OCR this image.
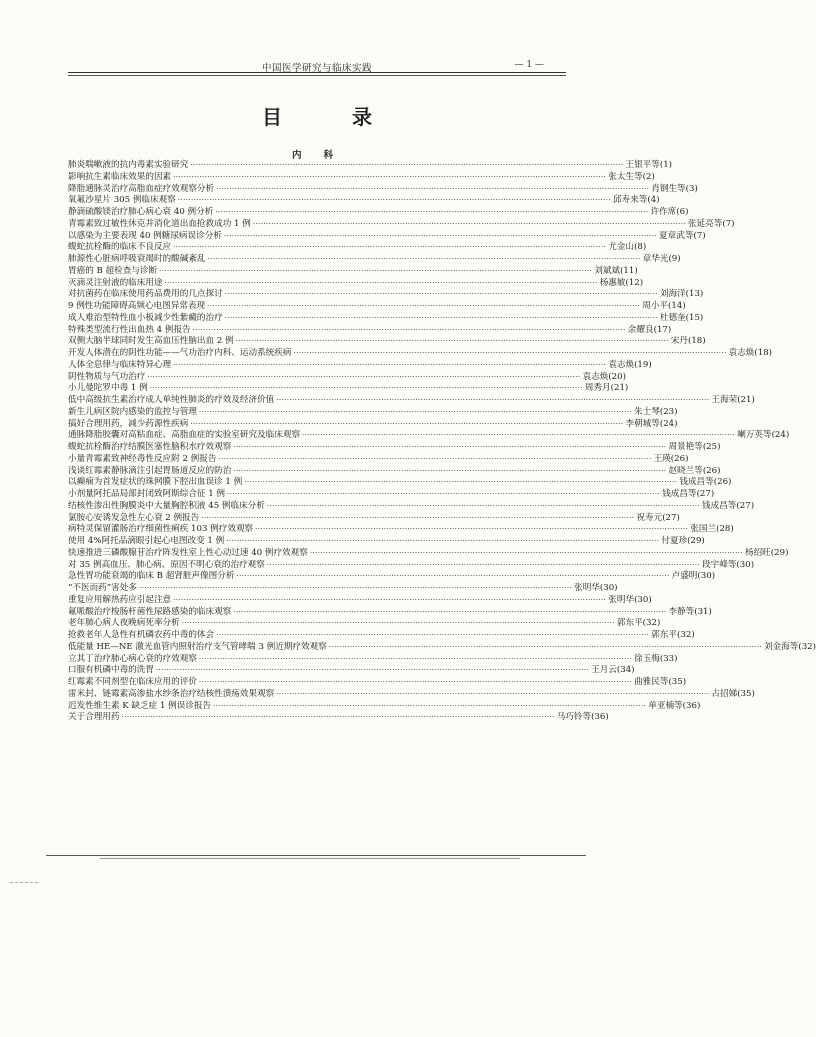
中国医学研究与临床实践	— 1 —
目	录
内科
肺炎喘嗽液的抗内毒素实验研究 ·····	王银平等 (1)
影响抗生素临床效果的因素 ·····	张太生等 (2)
降脂通脉灵治疗高脂血症疗效观察分析 ·····	肖钢生等 (3)
氧氟沙星片 305 例临床观察 ·····	邱寿来等 (4)
静滴硫酸镁治疗肺心病心衰 40 例分析 ·····	许作席 (6)
青霉素致过敏性休克并消化道出血抢救成功 1 例 ·····	张延亮等 (7)
以感染为主要表现 40 例糖尿病误诊分析 ·····	夏章武等 (7)
蝮蛇抗栓酶的临床不良反应 ·····	尤金山 (8)
肺源性心脏病呼吸衰竭时的酸碱紊乱 ·····	章华光 (9)
胃癌的 B 超检查与诊断 ·····	刘斌斌 (11)
灭滴灵注射液的临床用途 ·····	杨惠敏 (12)
对抗菌药在临床使用药品费用的几点探讨 ·····	刘海洋 (13)
9 例性功能障碍高频心电图异常表现 ·····	周小平 (14)
成人难治型特性血小板减少性紫癜的治疗 ·····	杜德奎 (15)
特殊类型流行性出血热 4 例报告 ·····	余耀良 (17)
双侧大脑半球同时发生高血压性脑出血 2 例 ·····	宋丹 (18)
开发人体潜在的阴性功能——气功治疗内科、运动系统疾病 ·····	袁志焕 (18)
人体全息律与临床特异心理 ·····	袁志焕 (19)
阴性物质与气功治疗 ·····	袁志焕 (20)
小儿曼陀罗中毒 1 例 ·····	周秀月 (21)
低中高级抗生素治疗成人单纯性肺炎的疗效及经济价值 ·····	王海荣 (21)
新生儿病区院内感染的监控与管理 ·····	朱士琴 (23)
搞好合理用药，减少药源性疾病 ·····	李朝城等 (24)
通脉降脂胶囊对高粘血症、高脂血症的实验室研究及临床观察 ·····	喇万英等 (24)
蝮蛇抗栓酶治疗结膜医塞性脑积水疗效观察 ·····	周景艳等 (25)
小量青霉素致神经毒性反应附 2 例报告 ·····	王瑛 (26)
浅谈红霉素静脉滴注引起胃肠道反应的防治 ·····	赵晓兰等 (26)
以癫痫为首发症状的珠网膜下腔出血误诊 1 例 ·····	钱成昌等 (26)
小剂量阿托品局部封闭致阿斯综合征 1 例 ·····	钱成昌等 (27)
结核性渗出性胸膜炎中大量胸腔积液 45 例临床分析 ·····	钱成昌等 (27)
氯胺心安诱发急性左心衰 2 例报告 ·····	祝寿元 (27)
病特灵保留灌肠治疗细菌性痢疾 103 例疗效观察 ·····	张国兰 (28)
使用 4%阿托品滴眼引起心电图改变 1 例 ·····	付夏珍 (29)
快速推进三磷酸腺苷治疗阵发性室上性心动过速 40 例疗效观察 ·····	杨绍旺 (29)
对 35 例高血压、肺心病、原因不明心衰的治疗观察 ·····	段宇峰等 (30)
急性胃功能衰竭的临床 B 超肾脏声像图分析 ·····	卢盛明 (30)
“不医而药”害处多 ·····	张明华 (30)
重复应用解热药应引起注意 ·····	张明华 (30)
氟哌酸治疗梭肠杆菌性尿路感染的临床观察 ·····	李静等 (31)
老年肺心病人夜晚病死率分析 ·····	郭东平 (32)
抢救老年人急性有机磷农药中毒的体会 ·····	郭东平 (32)
低能量 HE—NE 激光血管内照射治疗支气管哮喘 3 例近期疗效观察 ·····	刘金海等 (32)
立其丁治疗肺心病心衰的疗效观察 ·····	徐玉梅 (33)
口服有机磷中毒的洗胃 ·····	王月云 (34)
红霉素不同剂型在临床应用的评价 ·····	曲雅民等 (35)
雷米封、链霉素高渗盐水纱条治疗结核性溃疡效果观察 ·····	占招娣 (35)
迟发性维生素 K 缺乏症 1 例误诊报告 ·····	单亚楠等 (36)
关于合理用药 ·····	马巧铃等 (36)
